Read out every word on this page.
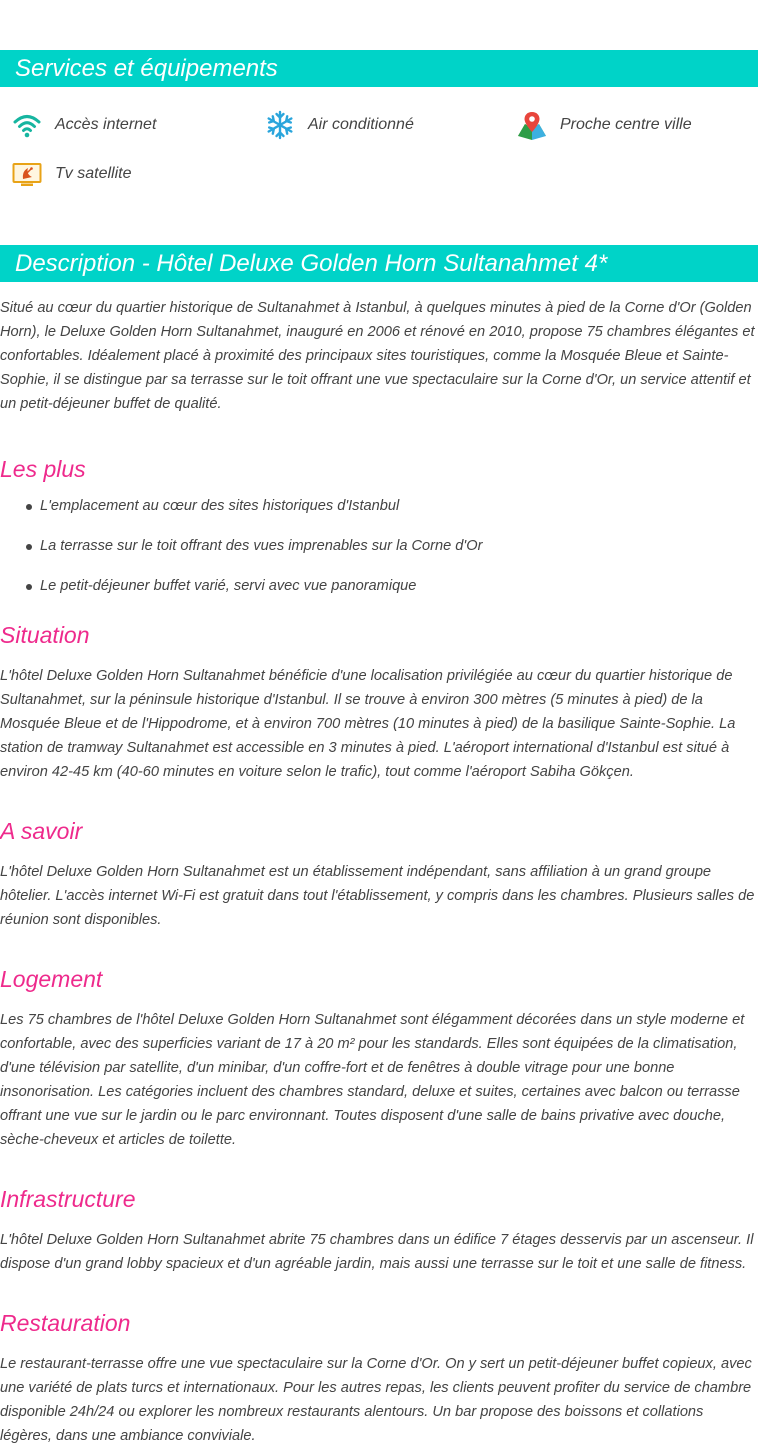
Services et équipements
Accès internet	Air conditionné	Proche centre ville
Tv satellite
Description - Hôtel Deluxe Golden Horn Sultanahmet 4*

Situé au cœur du quartier historique de Sultanahmet à Istanbul, à quelques minutes à pied de la Corne d'Or (Golden Horn), le Deluxe Golden Horn Sultanahmet, inauguré en 2006 et rénové en 2010, propose 75 chambres élégantes et confortables. Idéalement placé à proximité des principaux sites touristiques, comme la Mosquée Bleue et Sainte-Sophie, il se distingue par sa terrasse sur le toit offrant une vue spectaculaire sur la Corne d'Or, un service attentif et un petit-déjeuner buffet de qualité.

Les plus
L'emplacement au cœur des sites historiques d'Istanbul
La terrasse sur le toit offrant des vues imprenables sur la Corne d'Or
Le petit-déjeuner buffet varié, servi avec vue panoramique
Situation

L'hôtel Deluxe Golden Horn Sultanahmet bénéficie d'une localisation privilégiée au cœur du quartier historique de Sultanahmet, sur la péninsule historique d'Istanbul. Il se trouve à environ 300 mètres (5 minutes à pied) de la Mosquée Bleue et de l'Hippodrome, et à environ 700 mètres (10 minutes à pied) de la basilique Sainte-Sophie. La station de tramway Sultanahmet est accessible en 3 minutes à pied. L'aéroport international d'Istanbul est situé à environ 42-45 km (40-60 minutes en voiture selon le trafic), tout comme l'aéroport Sabiha Gökçen.

A savoir

L'hôtel Deluxe Golden Horn Sultanahmet est un établissement indépendant, sans affiliation à un grand groupe hôtelier. L'accès internet Wi-Fi est gratuit dans tout l'établissement, y compris dans les chambres. Plusieurs salles de réunion sont disponibles.

Logement

Les 75 chambres de l'hôtel Deluxe Golden Horn Sultanahmet sont élégamment décorées dans un style moderne et confortable, avec des superficies variant de 17 à 20 m² pour les standards. Elles sont équipées de la climatisation, d'une télévision par satellite, d'un minibar, d'un coffre-fort et de fenêtres à double vitrage pour une bonne insonorisation. Les catégories incluent des chambres standard, deluxe et suites, certaines avec balcon ou terrasse offrant une vue sur le jardin ou le parc environnant. Toutes disposent d'une salle de bains privative avec douche, sèche-cheveux et articles de toilette.

Infrastructure

L'hôtel Deluxe Golden Horn Sultanahmet abrite 75 chambres dans un édifice 7 étages desservis par un ascenseur. Il dispose d'un grand lobby spacieux et d'un agréable jardin, mais aussi une terrasse sur le toit et une salle de fitness.

Restauration

Le restaurant-terrasse offre une vue spectaculaire sur la Corne d'Or. On y sert un petit-déjeuner buffet copieux, avec une variété de plats turcs et internationaux. Pour les autres repas, les clients peuvent profiter du service de chambre disponible 24h/24 ou explorer les nombreux restaurants alentours. Un bar propose des boissons et collations légères, dans une ambiance conviviale.
